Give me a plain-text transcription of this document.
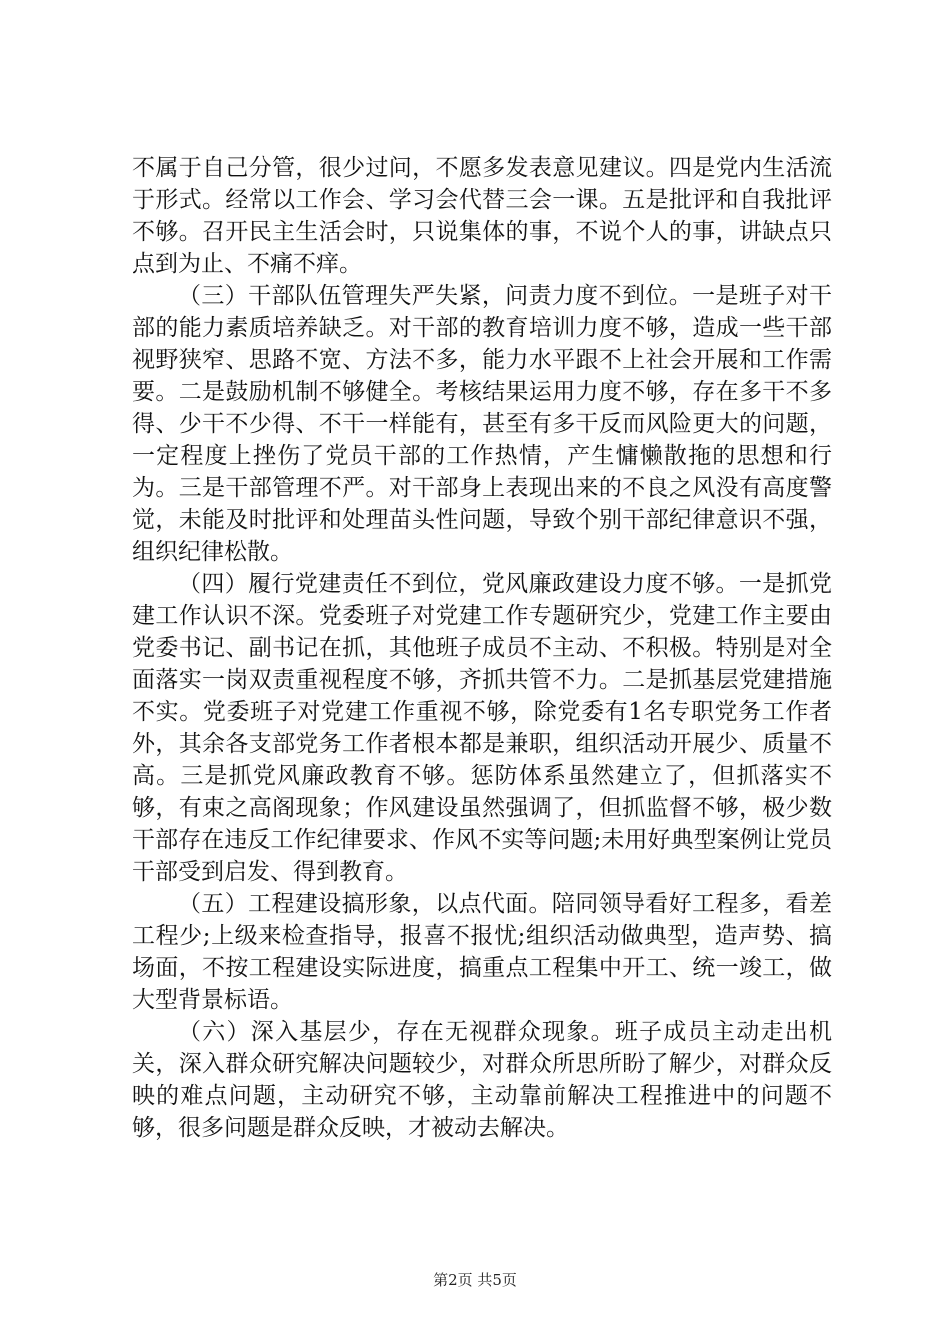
不属于自己分管，很少过问，不愿多发表意见建议。四是党内生活流于形式。经常以工作会、学习会代替三会一课。五是批评和自我批评不够。召开民主生活会时，只说集体的事，不说个人的事，讲缺点只点到为止、不痛不痒。

（三）干部队伍管理失严失紧，问责力度不到位。一是班子对干部的能力素质培养缺乏。对干部的教育培训力度不够，造成一些干部视野狭窄、思路不宽、方法不多，能力水平跟不上社会开展和工作需要。二是鼓励机制不够健全。考核结果运用力度不够，存在多干不多得、少干不少得、不干一样能有，甚至有多干反而风险更大的问题，一定程度上挫伤了党员干部的工作热情，产生慵懒散拖的思想和行为。三是干部管理不严。对干部身上表现出来的不良之风没有高度警觉，未能及时批评和处理苗头性问题，导致个别干部纪律意识不强，组织纪律松散。

（四）履行党建责任不到位，党风廉政建设力度不够。一是抓党建工作认识不深。党委班子对党建工作专题研究少，党建工作主要由党委书记、副书记在抓，其他班子成员不主动、不积极。特别是对全面落实一岗双责重视程度不够，齐抓共管不力。二是抓基层党建措施不实。党委班子对党建工作重视不够，除党委有1名专职党务工作者外，其余各支部党务工作者根本都是兼职，组织活动开展少、质量不高。三是抓党风廉政教育不够。惩防体系虽然建立了，但抓落实不够，有束之高阁现象；作风建设虽然强调了，但抓监督不够，极少数干部存在违反工作纪律要求、作风不实等问题;未用好典型案例让党员干部受到启发、得到教育。

（五）工程建设搞形象，以点代面。陪同领导看好工程多，看差工程少;上级来检查指导，报喜不报忧;组织活动做典型，造声势、搞场面，不按工程建设实际进度，搞重点工程集中开工、统一竣工，做大型背景标语。

（六）深入基层少，存在无视群众现象。班子成员主动走出机关，深入群众研究解决问题较少，对群众所思所盼了解少，对群众反映的难点问题，主动研究不够，主动靠前解决工程推进中的问题不够，很多问题是群众反映，才被动去解决。

第2页 共5页
